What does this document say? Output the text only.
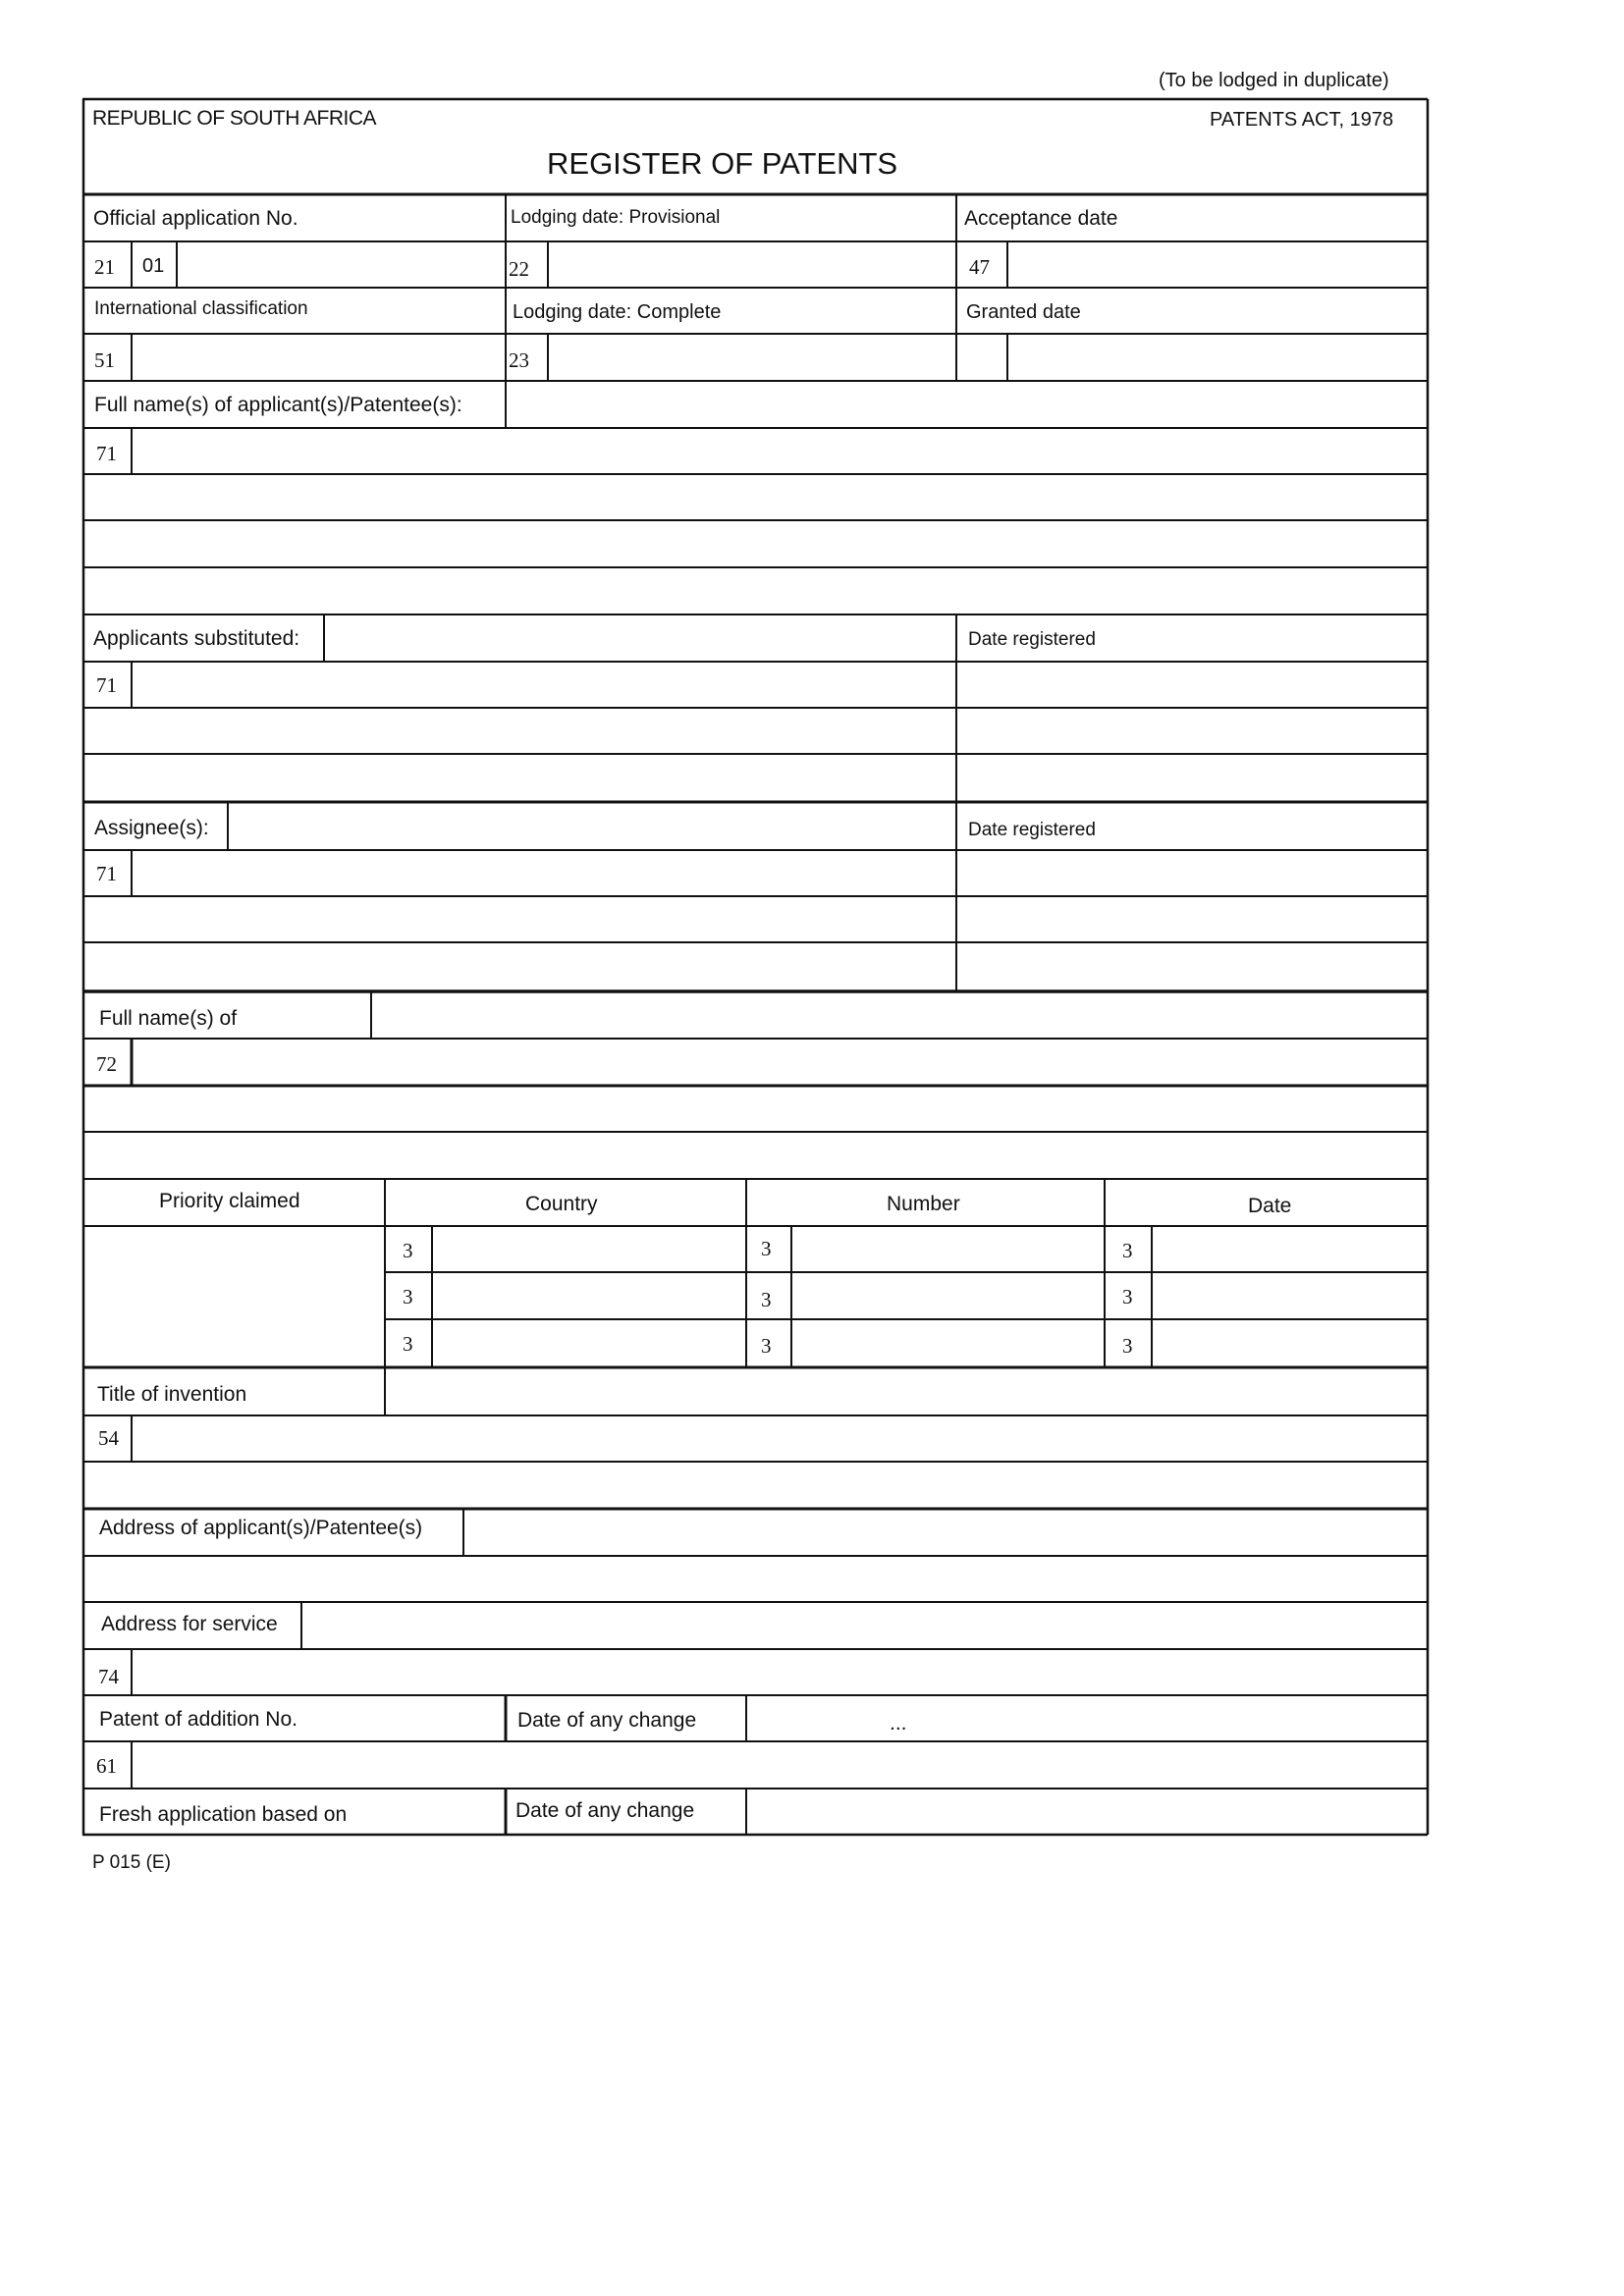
(To be lodged in duplicate)
REPUBLIC OF SOUTH AFRICA	PATENTS ACT, 1978
REGISTER OF PATENTS
Official application No.	Lodging date: Provisional	Acceptance date
21 01	22	47
International classification	Lodging date: Complete	Granted date
51	23
Full name(s) of applicant(s)/Patentee(s):
71
Applicants substituted:	Date registered
71
Assignee(s):	Date registered
71
Full name(s) of
72
Priority claimed	Country	Number	Date
3	3	3
3	3	3
3	3	3
Title of invention
54
Address of applicant(s)/Patentee(s)
Address for service
74
Patent of addition No.	Date of any change	...
61
Fresh application based on	Date of any change
P 015 (E)
